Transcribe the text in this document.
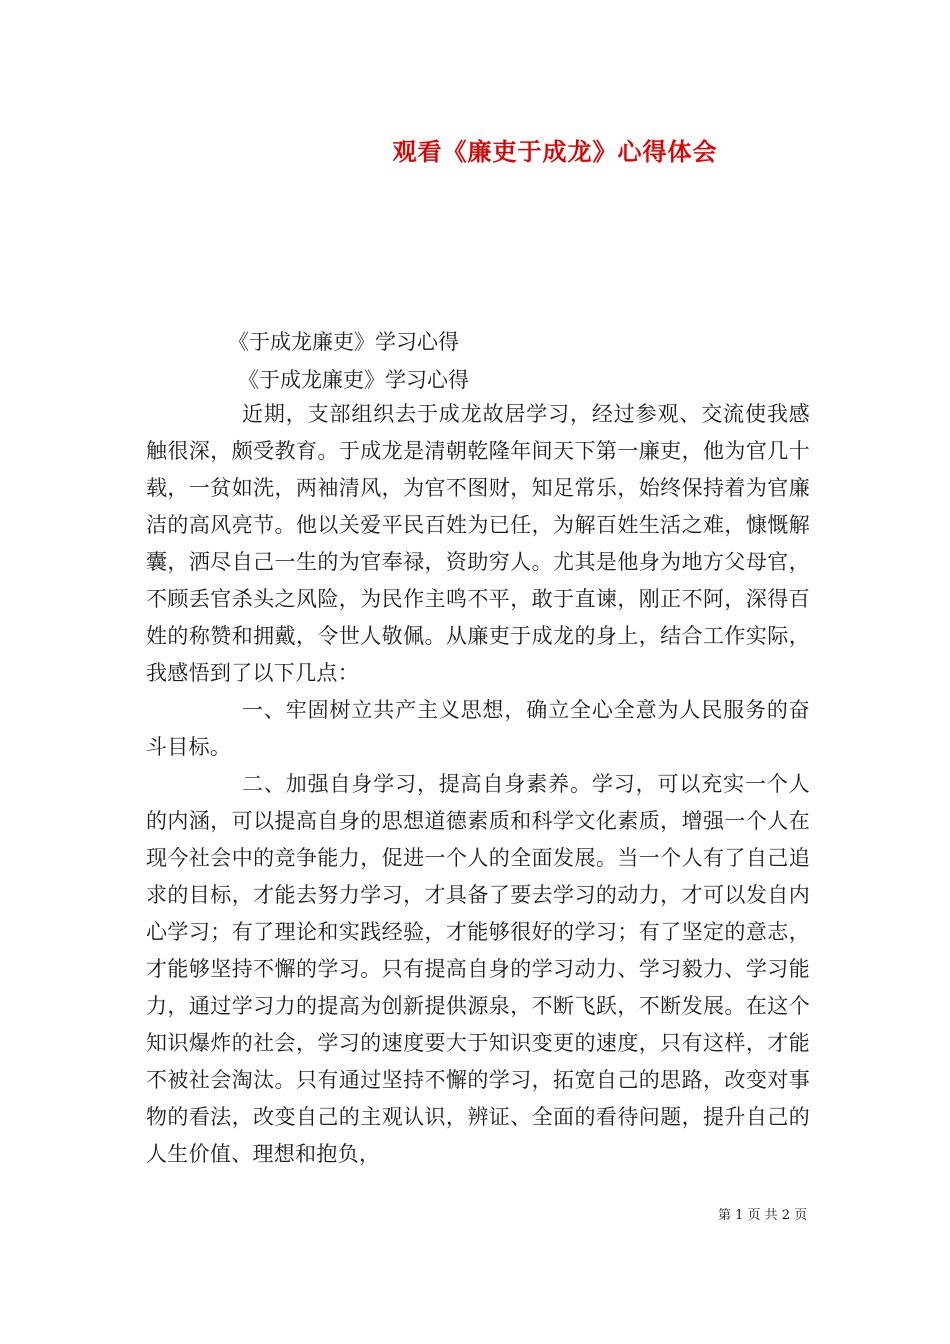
观看《廉吏于成龙》心得体会
《于成龙廉吏》学习心得
《于成龙廉吏》学习心得

近期，支部组织去于成龙故居学习，经过参观、交流使我感触很深，颇受教育。于成龙是清朝乾隆年间天下第一廉吏，他为官几十载，一贫如洗，两袖清风，为官不图财，知足常乐，始终保持着为官廉洁的高风亮节。他以关爱平民百姓为已任，为解百姓生活之难，慷慨解囊，洒尽自己一生的为官奉禄，资助穷人。尤其是他身为地方父母官，不顾丢官杀头之风险，为民作主鸣不平，敢于直谏，刚正不阿，深得百姓的称赞和拥戴，令世人敬佩。从廉吏于成龙的身上，结合工作实际，我感悟到了以下几点：

一、牢固树立共产主义思想，确立全心全意为人民服务的奋斗目标。

二、加强自身学习，提高自身素养。学习，可以充实一个人的内涵，可以提高自身的思想道德素质和科学文化素质，增强一个人在现今社会中的竞争能力，促进一个人的全面发展。当一个人有了自己追求的目标，才能去努力学习，才具备了要去学习的动力，才可以发自内心学习；有了理论和实践经验，才能够很好的学习；有了坚定的意志，才能够坚持不懈的学习。只有提高自身的学习动力、学习毅力、学习能力，通过学习力的提高为创新提供源泉，不断飞跃，不断发展。在这个知识爆炸的社会，学习的速度要大于知识变更的速度，只有这样，才能不被社会淘汰。只有通过坚持不懈的学习，拓宽自己的思路，改变对事物的看法，改变自己的主观认识，辨证、全面的看待问题，提升自己的人生价值、理想和抱负，

第 1 页 共 2 页
